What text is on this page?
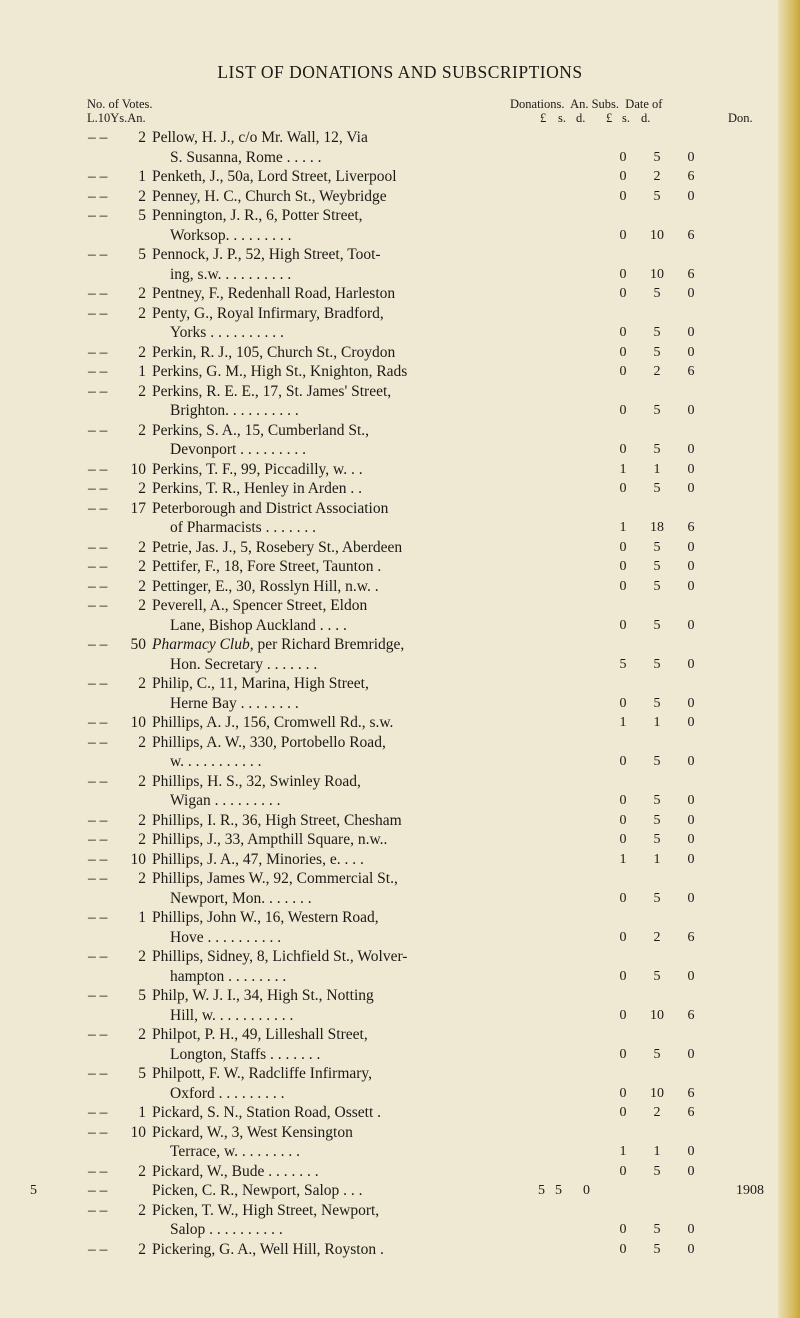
LIST OF DONATIONS AND SUBSCRIPTIONS
No. of Votes.
L.10Ys.An.
Donations.  An. Subs.  Date of
£ s. d. £ s. d.	Don.
– –	2 Pellow, H. J., c/o Mr. Wall, 12, Via
S. Susanna, Rome . . . . .	0	5	0
– –	1 Penketh, J., 50a, Lord Street, Liverpool	0	2	6
– –	2 Penney, H. C., Church St., Weybridge	0	5	0
– –	5 Pennington, J. R., 6, Potter Street,
Worksop. . . . . . . . .	0	10	6
– –	5 Pennock, J. P., 52, High Street, Toot-
ing, s.w. . . . . . . . . .	0	10	6
– –	2 Pentney, F., Redenhall Road, Harleston	0	5	0
– –	2 Penty, G., Royal Infirmary, Bradford,
Yorks . . . . . . . . . .	0	5	0
– –	2 Perkin, R. J., 105, Church St., Croydon	0	5	0
– –	1 Perkins, G. M., High St., Knighton, Rads	0	2	6
– –	2 Perkins, R. E. E., 17, St. James' Street,
Brighton. . . . . . . . . .	0	5	0
– –	2 Perkins, S. A., 15, Cumberland St.,
Devonport . . . . . . . . .	0	5	0
– –	10 Perkins, T. F., 99, Piccadilly, w. . .	1	1	0
– –	2 Perkins, T. R., Henley in Arden . .	0	5	0
– –	17 Peterborough and District Association
of Pharmacists . . . . . . .	1	18	6
– –	2 Petrie, Jas. J., 5, Rosebery St., Aberdeen	0	5	0
– –	2 Pettifer, F., 18, Fore Street, Taunton .	0	5	0
– –	2 Pettinger, E., 30, Rosslyn Hill, n.w. .	0	5	0
– –	2 Peverell, A., Spencer Street, Eldon
Lane, Bishop Auckland . . . .	0	5	0
– –	50 Pharmacy Club, per Richard Bremridge,
Hon. Secretary . . . . . . .	5	5	0
– –	2 Philip, C., 11, Marina, High Street,
Herne Bay . . . . . . . .	0	5	0
– –	10 Phillips, A. J., 156, Cromwell Rd., s.w.	1	1	0
– –	2 Phillips, A. W., 330, Portobello Road,
w. . . . . . . . . . .	0	5	0
– –	2 Phillips, H. S., 32, Swinley Road,
Wigan . . . . . . . . .	0	5	0
– –	2 Phillips, I. R., 36, High Street, Chesham	0	5	0
– –	2 Phillips, J., 33, Ampthill Square, n.w..	0	5	0
– –	10 Phillips, J. A., 47, Minories, e. . . .	1	1	0
– –	2 Phillips, James W., 92, Commercial St.,
Newport, Mon. . . . . . .	0	5	0
– –	1 Phillips, John W., 16, Western Road,
Hove . . . . . . . . . .	0	2	6
– –	2 Phillips, Sidney, 8, Lichfield St., Wolver-
hampton . . . . . . . .	0	5	0
– –	5 Philp, W. J. I., 34, High St., Notting
Hill, w. . . . . . . . . . .	0	10	6
– –	2 Philpot, P. H., 49, Lilleshall Street,
Longton, Staffs . . . . . . .	0	5	0
– –	5 Philpott, F. W., Radcliffe Infirmary,
Oxford . . . . . . . . .	0	10	6
– –	1 Pickard, S. N., Station Road, Ossett .	0	2	6
– –	10 Pickard, W., 3, West Kensington
Terrace, w. . . . . . . . .	1	1	0
– –	2 Pickard, W., Bude . . . . . . .	0	5	0
5	– –	Picken, C. R., Newport, Salop . . .	5 5 0	1908
– –	2 Picken, T. W., High Street, Newport,
Salop . . . . . . . . . .	0	5	0
– –	2 Pickering, G. A., Well Hill, Royston .	0	5	0
